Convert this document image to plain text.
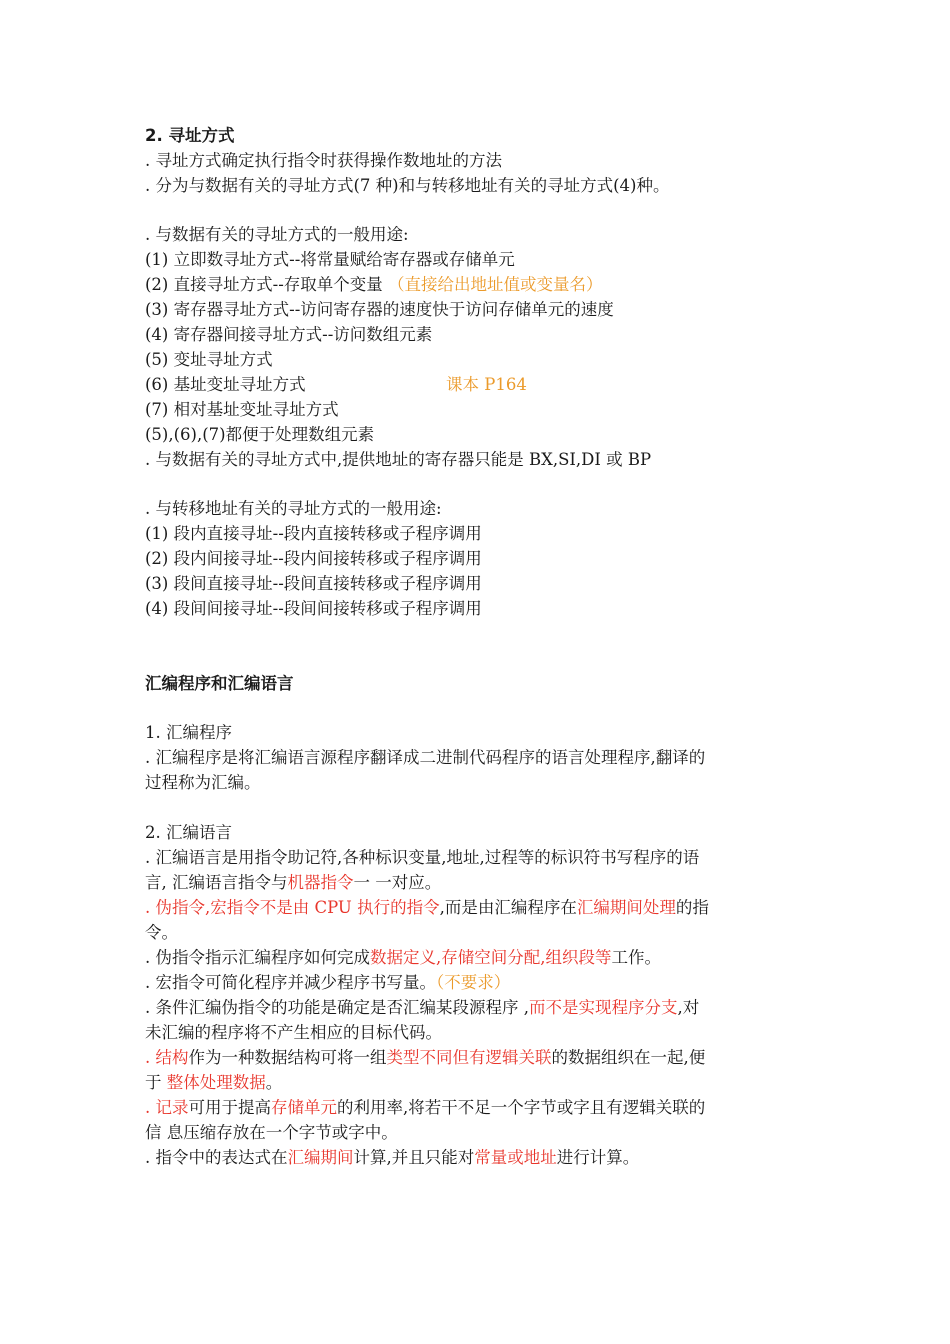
2. 寻址方式
. 寻址方式确定执行指令时获得操作数地址的方法
. 分为与数据有关的寻址方式(7 种)和与转移地址有关的寻址方式(4)种。
. 与数据有关的寻址方式的一般用途:
(1) 立即数寻址方式--将常量赋给寄存器或存储单元
(2) 直接寻址方式--存取单个变量 （直接给出地址值或变量名）
(3) 寄存器寻址方式--访问寄存器的速度快于访问存储单元的速度
(4) 寄存器间接寻址方式--访问数组元素
(5) 变址寻址方式
(6) 基址变址寻址方式	课本 P164
(7) 相对基址变址寻址方式
(5),(6),(7)都便于处理数组元素
. 与数据有关的寻址方式中,提供地址的寄存器只能是 BX,SI,DI 或 BP
. 与转移地址有关的寻址方式的一般用途:
(1) 段内直接寻址--段内直接转移或子程序调用
(2) 段内间接寻址--段内间接转移或子程序调用
(3) 段间直接寻址--段间直接转移或子程序调用
(4) 段间间接寻址--段间间接转移或子程序调用
汇编程序和汇编语言
1. 汇编程序
. 汇编程序是将汇编语言源程序翻译成二进制代码程序的语言处理程序,翻译的
过程称为汇编。
2. 汇编语言
. 汇编语言是用指令助记符,各种标识变量,地址,过程等的标识符书写程序的语
言, 汇编语言指令与机器指令一 一对应。
. 伪指令,宏指令不是由 CPU 执行的指令,而是由汇编程序在汇编期间处理的指
令。
. 伪指令指示汇编程序如何完成数据定义,存储空间分配,组织段等工作。
. 宏指令可简化程序并减少程序书写量。（不要求）
. 条件汇编伪指令的功能是确定是否汇编某段源程序 ,而不是实现程序分支,对
未汇编的程序将不产生相应的目标代码。
. 结构作为一种数据结构可将一组类型不同但有逻辑关联的数据组织在一起,便
于 整体处理数据。
. 记录可用于提高存储单元的利用率,将若干不足一个字节或字且有逻辑关联的
信 息压缩存放在一个字节或字中。
. 指令中的表达式在汇编期间计算,并且只能对常量或地址进行计算。
